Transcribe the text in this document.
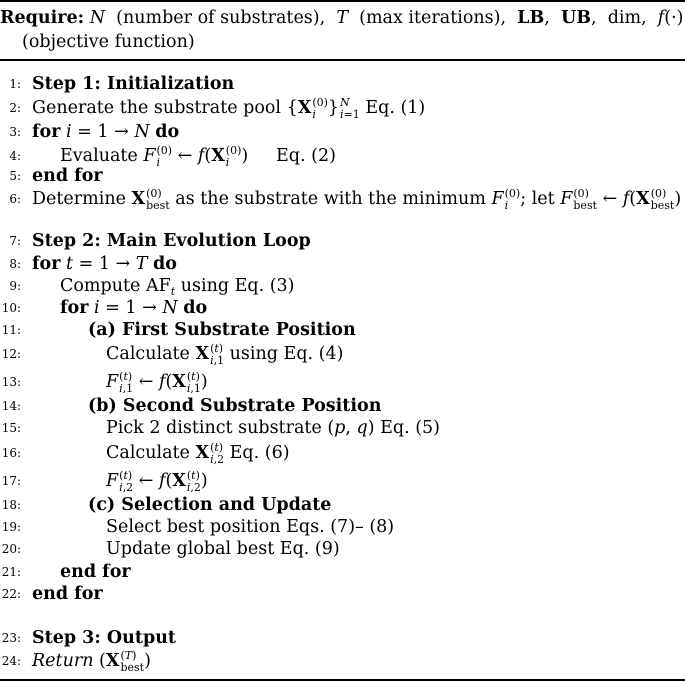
Require: N  (number of substrates),  T  (max iterations),  LB,  UB,  dim,  f(·)
(objective function)
1: Step 1: Initialization
2: Generate the substrate pool {X (0)
i } N
i=1 Eq. (1)
3: for i = 1 → N do
4: Evaluate F (0)
i ← f(X (0)
i )     Eq. (2)
5: end for
6: Determine X (0)
best as the substrate with the minimum F (0)
i ; let F (0)
best ← f(X (0)
best )
7: Step 2: Main Evolution Loop
8: for t = 1 → T do
9: Compute $AF_t$ using Eq. (3)
10: for i = 1 → N do
11:	(a) First Substrate Position
12:	Calculate X (t)
i,1 using Eq. (4)
13:	F (t)
i,1 ← f(X (t)
i,1 )
14:	(b) Second Substrate Position
15:	Pick 2 distinct substrate (p, q) Eq. (5)
16:	Calculate X (t)
i,2 Eq. (6)
17:	F (t)
i,2 ← f(X (t)
i,2 )
18:	(c) Selection and Update
19:	Select best position Eqs. (7)– (8)
20:	Update global best Eq. (9)
21: end for
22: end for
23: Step 3: Output
24: Return (X (T)
best )
